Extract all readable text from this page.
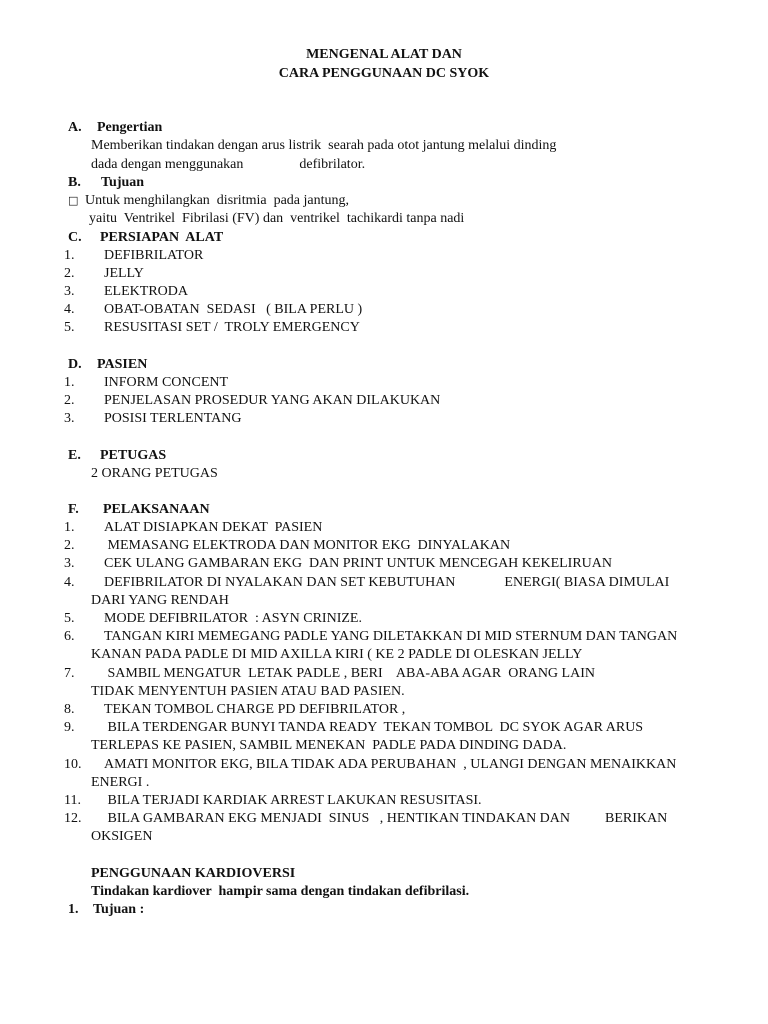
MENGENAL ALAT DAN
CARA PENGGUNAAN DC SYOK
A. Pengertian
Memberikan tindakan dengan arus listrik  searah pada otot jantung melalui dinding
dada dengan menggunakan                defibrilator.
B. Tujuan
□ Untuk menghilangkan  disritmia  pada jantung,
yaitu  Ventrikel  Fibrilasi (FV) dan  ventrikel  tachikardi tanpa nadi
C. PERSIAPAN  ALAT
1. DEFIBRILATOR
2. JELLY
3. ELEKTRODA
4. OBAT-OBATAN  SEDASI   ( BILA PERLU )
5. RESUSITASI SET /  TROLY EMERGENCY
D. PASIEN
1. INFORM CONCENT
2. PENJELASAN PROSEDUR YANG AKAN DILAKUKAN
3. POSISI TERLENTANG
E. PETUGAS
2 ORANG PETUGAS
F. PELAKSANAAN
1. ALAT DISIAPKAN DEKAT  PASIEN
2. MEMASANG ELEKTRODA DAN MONITOR EKG  DINYALAKAN
3. CEK ULANG GAMBARAN EKG  DAN PRINT UNTUK MENCEGAH KEKELIRUAN
4. DEFIBRILATOR DI NYALAKAN DAN SET KEBUTUHAN              ENERGI( BIASA DIMULAI
DARI YANG RENDAH
5. MODE DEFIBRILATOR  : ASYN CRINIZE.
6. TANGAN KIRI MEMEGANG PADLE YANG DILETAKKAN DI MID STERNUM DAN TANGAN
KANAN PADA PADLE DI MID AXILLA KIRI ( KE 2 PADLE DI OLESKAN JELLY
7. SAMBIL MENGATUR  LETAK PADLE , BERI    ABA-ABA AGAR  ORANG LAIN
TIDAK MENYENTUH PASIEN ATAU BAD PASIEN.
8. TEKAN TOMBOL CHARGE PD DEFIBRILATOR ,
9. BILA TERDENGAR BUNYI TANDA READY  TEKAN TOMBOL  DC SYOK AGAR ARUS
TERLEPAS KE PASIEN, SAMBIL MENEKAN  PADLE PADA DINDING DADA.
10. AMATI MONITOR EKG, BILA TIDAK ADA PERUBAHAN  , ULANGI DENGAN MENAIKKAN
ENERGI .
11. BILA TERJADI KARDIAK ARREST LAKUKAN RESUSITASI.
12. BILA GAMBARAN EKG MENJADI  SINUS   , HENTIKAN TINDAKAN DAN          BERIKAN
OKSIGEN
PENGGUNAAN KARDIOVERSI
Tindakan kardiover  hampir sama dengan tindakan defibrilasi.
1. Tujuan :
